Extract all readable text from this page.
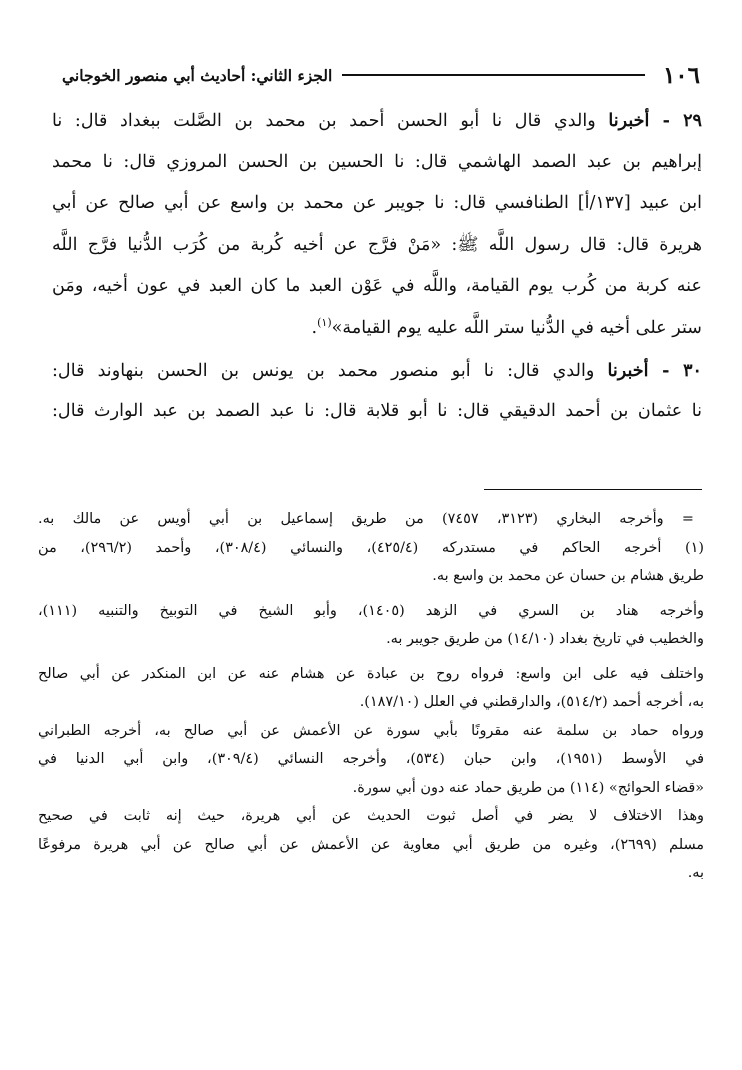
١٠٦
الجزء الثاني: أحاديث أبي منصور الخوجاني
٢٩ - أخبرنا والدي قال نا أبو الحسن أحمد بن محمد بن الصَّلت ببغداد قال: نا
إبراهيم بن عبد الصمد الهاشمي قال: نا الحسين بن الحسن المروزي قال: نا محمد
ابن عبيد [١٣٧/أ] الطنافسي قال: نا جويبر عن محمد بن واسع عن أبي صالح عن أبي
هريرة قال: قال رسول اللَّه ﷺ: «مَنْ فرَّج عن أخيه كُربة من كُرَب الدُّنيا فرَّج اللَّه
عنه كربة من كُرب يوم القيامة، واللَّه في عَوْن العبد ما كان العبد في عون أخيه، ومَن
ستر على أخيه في الدُّنيا ستر اللَّه عليه يوم القيامة»$^{(١)}$.
٣٠ - أخبرنا والدي قال: نا أبو منصور محمد بن يونس بن الحسن بنهاوند قال:
نا عثمان بن أحمد الدقيقي قال: نا أبو قلابة قال: نا عبد الصمد بن عبد الوارث قال:
= وأخرجه البخاري (٣١٢٣، ٧٤٥٧) من طريق إسماعيل بن أبي أويس عن مالك به.
(١) أخرجه الحاكم في مستدركه (٤٢٥/٤)، والنسائي (٣٠٨/٤)، وأحمد (٢٩٦/٢)، من
طريق هشام بن حسان عن محمد بن واسع به.
وأخرجه هناد بن السري في الزهد (١٤٠٥)، وأبو الشيخ في التوبيخ والتنبيه (١١١)،
والخطيب في تاريخ بغداد (١٤/١٠) من طريق جويبر به.
واختلف فيه على ابن واسع: فرواه روح بن عبادة عن هشام عنه عن ابن المنكدر عن أبي صالح
به، أخرجه أحمد (٥١٤/٢)، والدارقطني في العلل (١٨٧/١٠).
ورواه حماد بن سلمة عنه مقرونًا بأبي سورة عن الأعمش عن أبي صالح به، أخرجه الطبراني
في الأوسط (١٩٥١)، وابن حبان (٥٣٤)، وأخرجه النسائي (٣٠٩/٤)، وابن أبي الدنيا في
«قضاء الحوائج» (١١٤) من طريق حماد عنه دون أبي سورة.
وهذا الاختلاف لا يضر في أصل ثبوت الحديث عن أبي هريرة، حيث إنه ثابت في صحيح
مسلم (٢٦٩٩)، وغيره من طريق أبي معاوية عن الأعمش عن أبي صالح عن أبي هريرة مرفوعًا
به.
